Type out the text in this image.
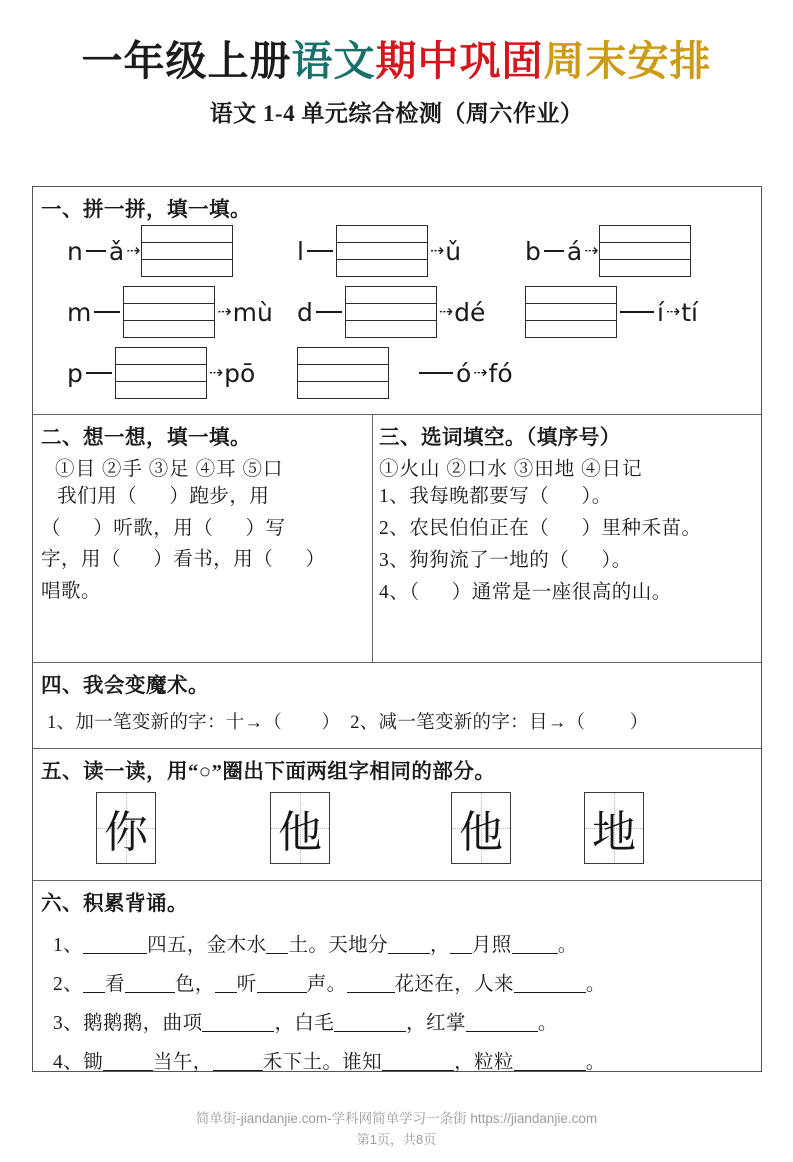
一年级上册语文期中巩固周末安排
语文 1-4 单元综合检测（周六作业）
一、拼一拼，填一填。
n ǎ ⇢	l	⇢ ǔ	b á ⇢
m	⇢ mù d	⇢ dé	í ⇢ tí
p	⇢ pō	ó ⇢ fó
二、想一想，填一填。
①目 ②手 ③足 ④耳 ⑤口
我们用（      ）跑步，用
（      ）听歌，用（      ）写
字，用（      ）看书，用（      ）
唱歌。
三、选词填空。（填序号）
①火山 ②口水 ③田地 ④日记
1、我每晚都要写（      ）。
2、农民伯伯正在（      ）里种禾苗。
3、狗狗流了一地的（      ）。
4、（      ）通常是一座很高的山。
四、我会变魔术。
1、加一笔变新的字：十→（        ）  2、减一笔变新的字：目→（         ）
五、读一读，用“○”圈出下面两组字相同的部分。
你	他	他 地
六、积累背诵。
1、	四五，金木水 土。天地分 ， 月照 。
2、 看	色， 听	声。 花还在，人来	。
3、鹅鹅鹅，曲项	，白毛	，红掌	。
4、锄	当午，	禾下土。谁知	，粒粒	。
简单街-jiandanjie.com-学科网简单学习一条街 https://jiandanjie.com
第1页，共8页
